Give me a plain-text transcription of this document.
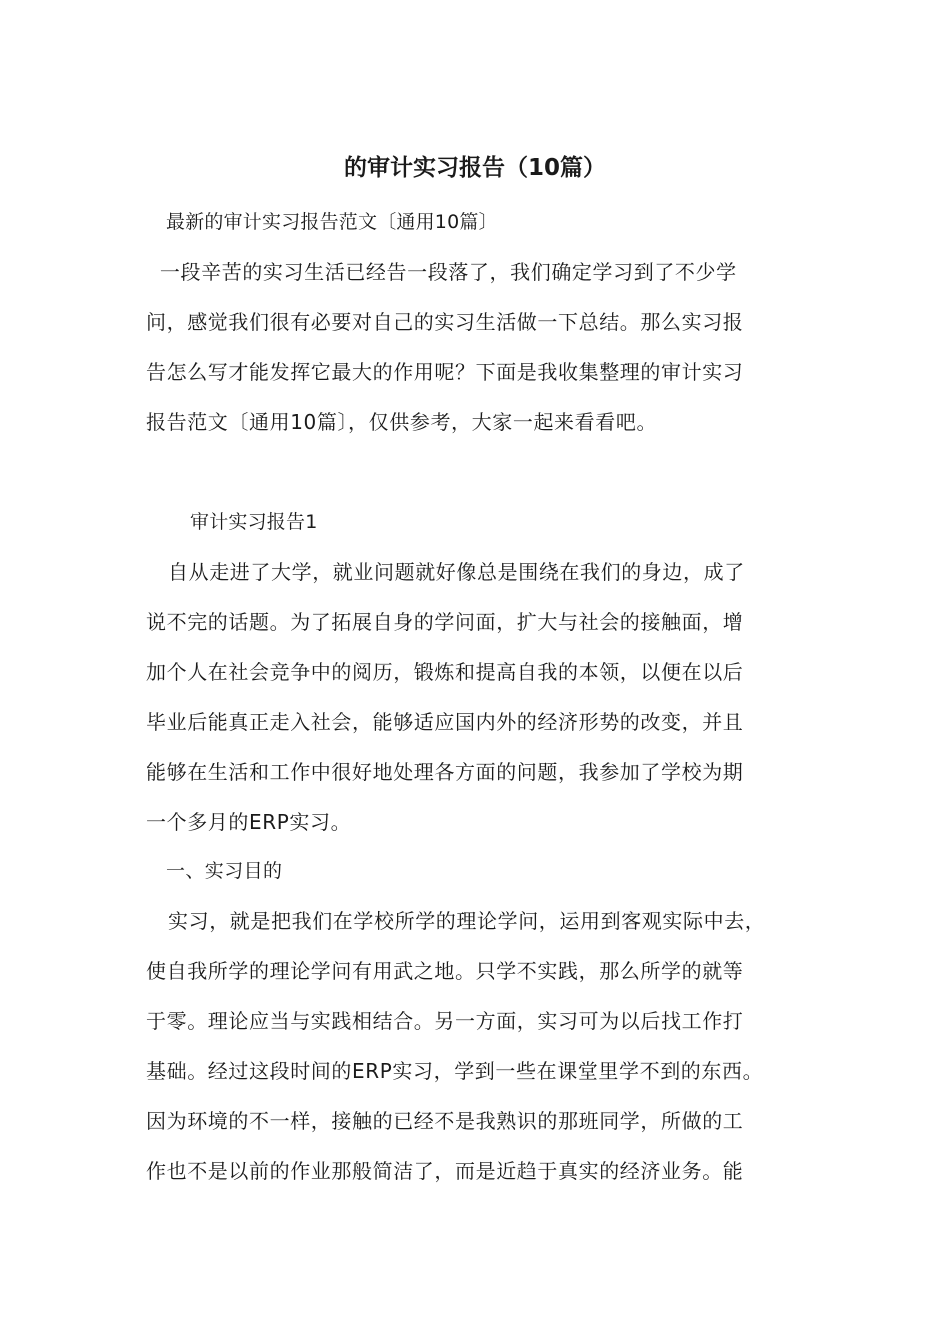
的审计实习报告（10篇）
最新的审计实习报告范文〔通用10篇〕
一段辛苦的实习生活已经告一段落了，我们确定学习到了不少学
问，感觉我们很有必要对自己的实习生活做一下总结。那么实习报
告怎么写才能发挥它最大的作用呢？下面是我收集整理的审计实习
报告范文〔通用10篇〕，仅供参考，大家一起来看看吧。
审计实习报告1
自从走进了大学，就业问题就好像总是围绕在我们的身边，成了
说不完的话题。为了拓展自身的学问面，扩大与社会的接触面，增
加个人在社会竞争中的阅历，锻炼和提高自我的本领，以便在以后
毕业后能真正走入社会，能够适应国内外的经济形势的改变，并且
能够在生活和工作中很好地处理各方面的问题，我参加了学校为期
一个多月的ERP实习。
一、实习目的
实习，就是把我们在学校所学的理论学问，运用到客观实际中去，
使自我所学的理论学问有用武之地。只学不实践，那么所学的就等
于零。理论应当与实践相结合。另一方面，实习可为以后找工作打
基础。经过这段时间的ERP实习，学到一些在课堂里学不到的东西。
因为环境的不一样，接触的已经不是我熟识的那班同学，所做的工
作也不是以前的作业那般简洁了，而是近趋于真实的经济业务。能
